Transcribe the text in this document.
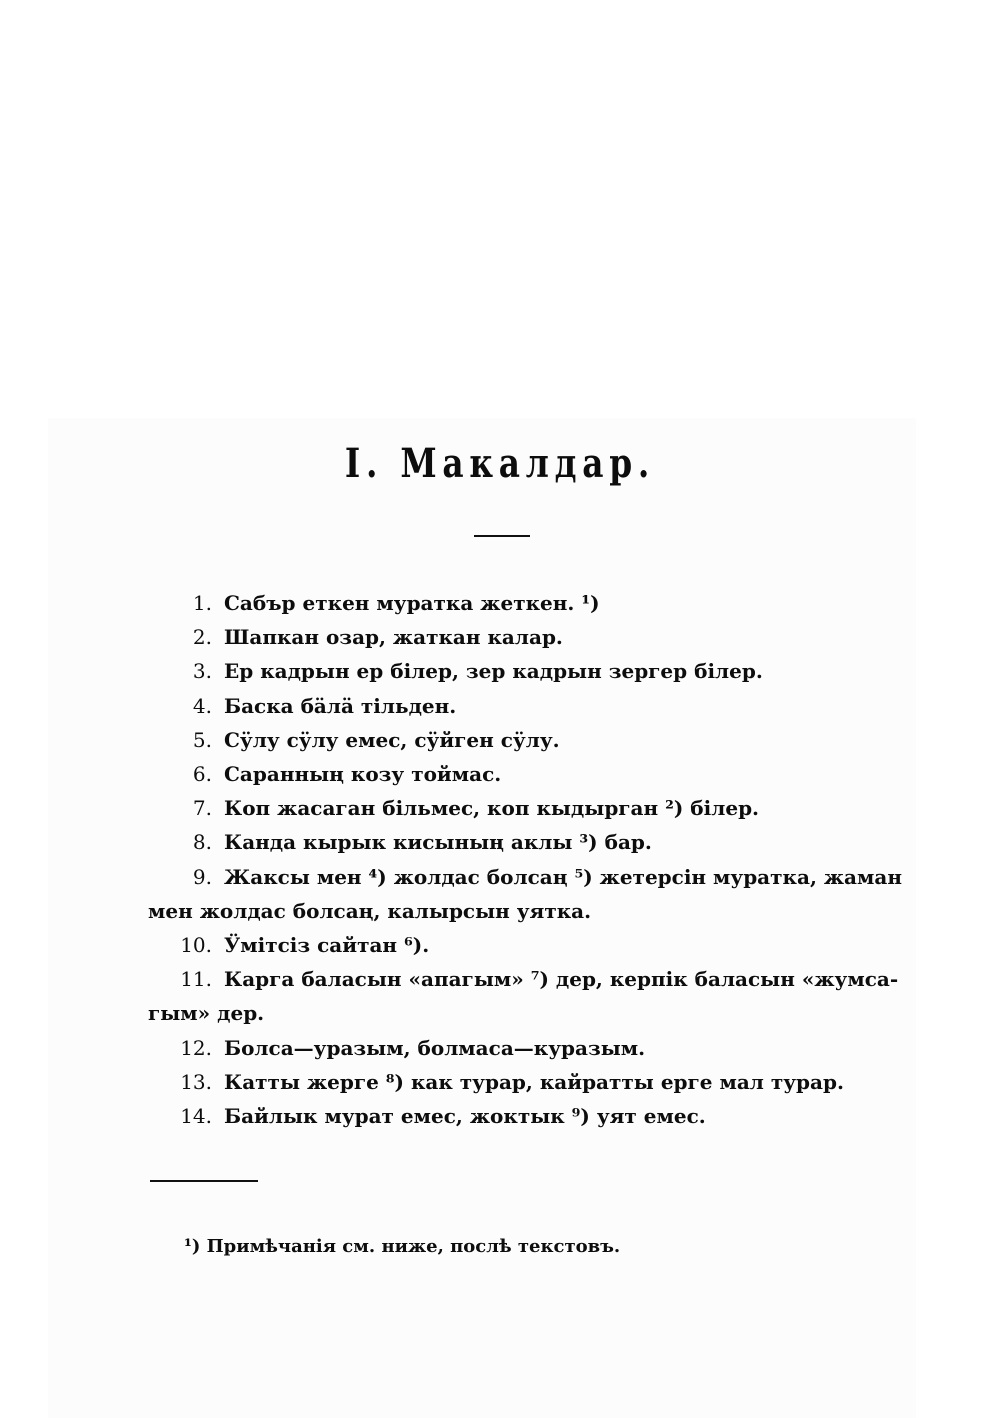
I. Макалдар.
1. Сабър еткен муратка жеткен. ¹)
2. Шапкан озар, жаткан калар.
3. Ер кадрын ер бiлер, зер кадрын зергер бiлер.
4. Баска бäлä тiльден.
5. Сӱлу сӱлу емес, сӱйген сӱлу.
6. Саранның козу тоймас.
7. Коп жасаган бiльмес, коп кыдырган ²) бiлер.
8. Канда кырык кисының аклы ³) бар.
9. Жаксы мен ⁴) жолдас болсаң ⁵) жетерсiн муратка, жаман
мен жолдас болсаң, калырсын уятка.
10. Ӱмiтсiз сайтан ⁶).
11. Карга баласын «апагым» ⁷) дер, керпiк баласын «жумса-
гым» дер.
12. Болса—уразым, болмаса—куразым.
13. Катты жерге ⁸) как турар, кайратты ерге мал турар.
14. Байлык мурат емес, жоктык ⁹) уят емес.
¹) Примѣчанія см. ниже, послѣ текстовъ.
